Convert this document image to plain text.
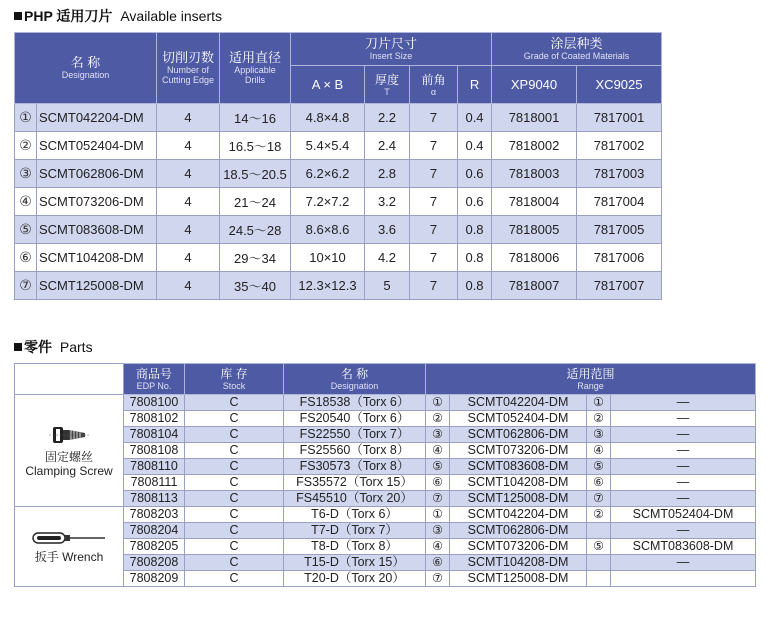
PHP 适用刀片 Available inserts
名 称
Designation		切削刃数
Number of
Cutting Edge	适用直径
Applicable
Drills	刀片尺寸
Insert Size				涂层种类
Grade of Coated Materials	

				A × B	厚度
T	前角
α	R	XP9040	XC9025
①	SCMT042204-DM	4	14～16	4.8×4.8	2.2	7	0.4	7818001	7817001
②	SCMT052404-DM	4	16.5～18	5.4×5.4	2.4	7	0.4	7818002	7817002
③	SCMT062806-DM	4	18.5～20.5	6.2×6.2	2.8	7	0.6	7818003	7817003
④	SCMT073206-DM	4	21～24	7.2×7.2	3.2	7	0.6	7818004	7817004
⑤	SCMT083608-DM	4	24.5～28	8.6×8.6	3.6	7	0.8	7818005	7817005
⑥	SCMT104208-DM	4	29～34	10×10	4.2	7	0.8	7818006	7817006
⑦	SCMT125008-DM	4	35～40	12.3×12.3	5	7	0.8	7818007	7817007
零件 Parts
	商品号
EDP No.	库 存
Stock	名 称
Designation	适用范围
Range			

固定螺丝
Clamping Screw	7808100	C	FS18538（Torx 6）	①	SCMT042204-DM	①	—
	7808102	C	FS20540（Torx 6）	②	SCMT052404-DM	②	—
	7808104	C	FS22550（Torx 7）	③	SCMT062806-DM	③	—
	7808108	C	FS25560（Torx 8）	④	SCMT073206-DM	④	—
	7808110	C	FS30573（Torx 8）	⑤	SCMT083608-DM	⑤	—
	7808111	C	FS35572（Torx 15）	⑥	SCMT104208-DM	⑥	—
	7808113	C	FS45510（Torx 20）	⑦	SCMT125008-DM	⑦	—

扳手 Wrench	7808203	C	T6-D（Torx 6）	①	SCMT042204-DM	②	SCMT052404-DM
	7808204	C	T7-D（Torx 7）	③	SCMT062806-DM		—
	7808205	C	T8-D（Torx 8）	④	SCMT073206-DM	⑤	SCMT083608-DM
	7808208	C	T15-D（Torx 15）	⑥	SCMT104208-DM		—
	7808209	C	T20-D（Torx 20）	⑦	SCMT125008-DM		
